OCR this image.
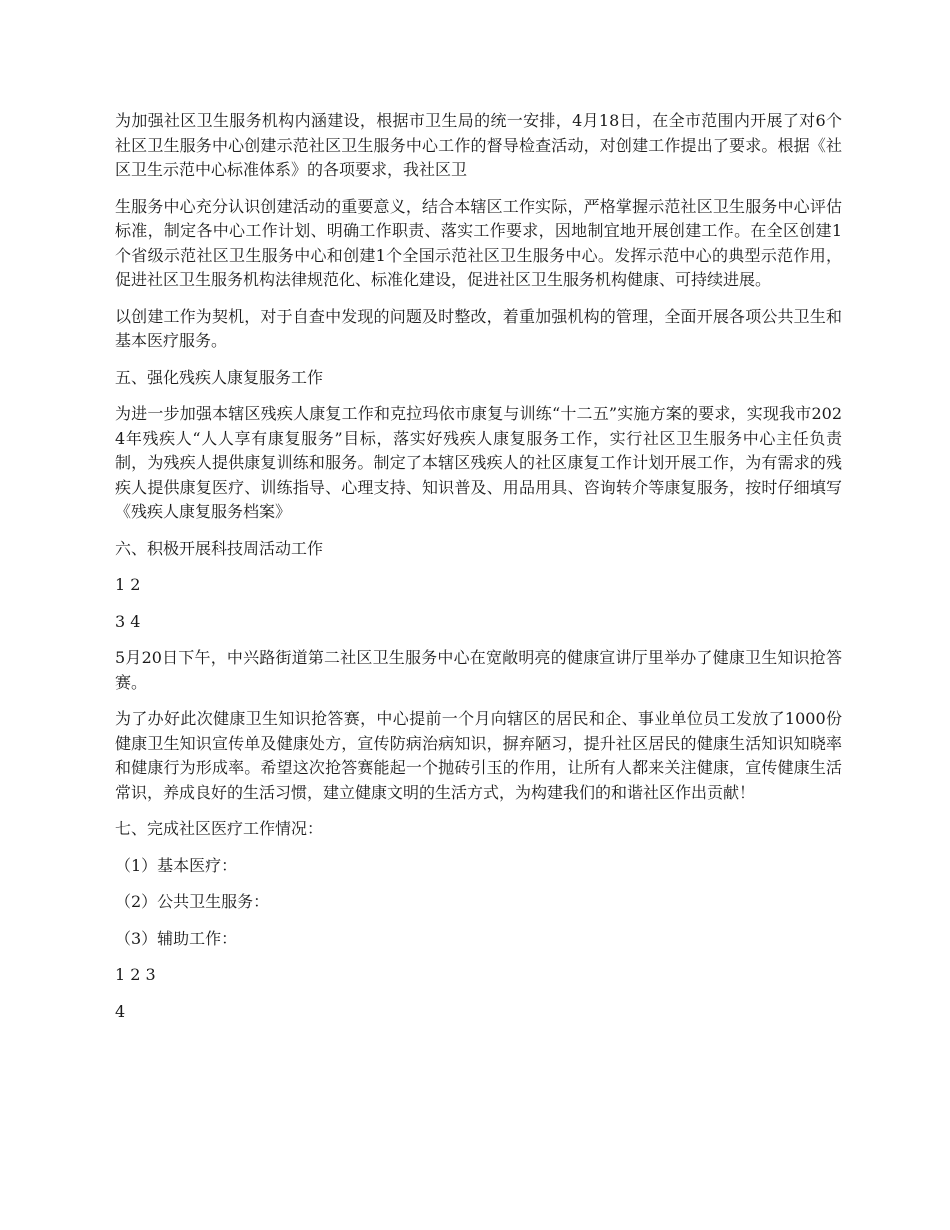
为加强社区卫生服务机构内涵建设，根据市卫生局的统一安排，4月18日，在全市范围内开展了对6个社区卫生服务中心创建示范社区卫生服务中心工作的督导检查活动，对创建工作提出了要求。根据《社区卫生示范中心标准体系》的各项要求，我社区卫

生服务中心充分认识创建活动的重要意义，结合本辖区工作实际，严格掌握示范社区卫生服务中心评估标准，制定各中心工作计划、明确工作职责、落实工作要求，因地制宜地开展创建工作。在全区创建1个省级示范社区卫生服务中心和创建1个全国示范社区卫生服务中心。发挥示范中心的典型示范作用，促进社区卫生服务机构法律规范化、标准化建设，促进社区卫生服务机构健康、可持续进展。

以创建工作为契机，对于自查中发现的问题及时整改，着重加强机构的管理，全面开展各项公共卫生和基本医疗服务。

五、强化残疾人康复服务工作

为进一步加强本辖区残疾人康复工作和克拉玛依市康复与训练“十二五”实施方案的要求，实现我市2024年残疾人“人人享有康复服务”目标，落实好残疾人康复服务工作，实行社区卫生服务中心主任负责制，为残疾人提供康复训练和服务。制定了本辖区残疾人的社区康复工作计划开展工作，为有需求的残疾人提供康复医疗、训练指导、心理支持、知识普及、用品用具、咨询转介等康复服务，按时仔细填写《残疾人康复服务档案》

六、积极开展科技周活动工作

1 2

3 4

5月20日下午，中兴路街道第二社区卫生服务中心在宽敞明亮的健康宣讲厅里举办了健康卫生知识抢答赛。

为了办好此次健康卫生知识抢答赛，中心提前一个月向辖区的居民和企、事业单位员工发放了1000份健康卫生知识宣传单及健康处方，宣传防病治病知识，摒弃陋习，提升社区居民的健康生活知识知晓率和健康行为形成率。希望这次抢答赛能起一个抛砖引玉的作用，让所有人都来关注健康，宣传健康生活常识，养成良好的生活习惯，建立健康文明的生活方式，为构建我们的和谐社区作出贡献！

七、完成社区医疗工作情况：

（1）基本医疗：

（2）公共卫生服务：

（3）辅助工作：

1 2 3

4
